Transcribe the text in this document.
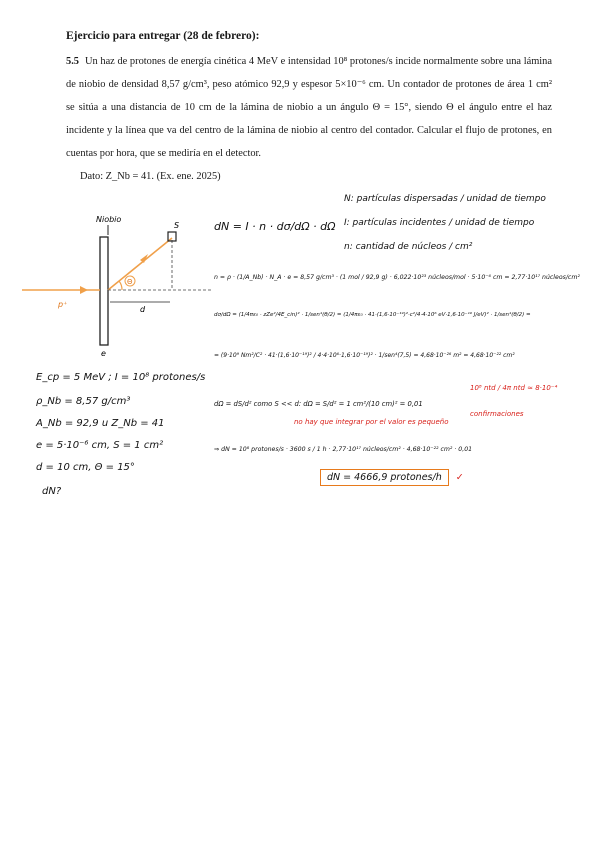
Ejercicio para entregar (28 de febrero):
5.5 Un haz de protones de energía cinética 4 MeV e intensidad 10⁸ protones/s incide normalmente sobre una lámina de niobio de densidad 8,57 g/cm³, peso atómico 92,9 y espesor 5×10⁻⁶ cm. Un contador de protones de área 1 cm² se sitúa a una distancia de 10 cm de la lámina de niobio a un ángulo Θ = 15°, siendo Θ el ángulo entre el haz incidente y la línea que va del centro de la lámina de niobio al centro del contador. Calcular el flujo de protones, en cuentas por hora, que se mediría en el detector.
Dato: Z_Nb = 41. (Ex. ene. 2025)
Niobio
p⁺
S
Θ
d
e
E_cp = 5 MeV ; I = 10⁸ protones/s
ρ_Nb = 8,57 g/cm³
A_Nb = 92,9 u Z_Nb = 41
e = 5·10⁻⁶ cm, S = 1 cm²
d = 10 cm, Θ = 15°
dN?
dN = I · n · dσ/dΩ · dΩ
N: partículas dispersadas / unidad de tiempo
I: partículas incidentes / unidad de tiempo
n: cantidad de núcleos / cm²
n = ρ · (1/A_Nb) · N_A · e = 8,57 g/cm³ · (1 mol / 92,9 g) · 6,022·10²³ núcleos/mol · 5·10⁻⁶ cm = 2,77·10¹⁷ núcleos/cm²
dσ/dΩ = (1/4πε₀ · zZe²/4E_cin)² · 1/sen⁴(θ/2) = (1/4πε₀ · 41·(1,6·10⁻¹⁹)²·c²/4·4·10⁶ eV·1,6·10⁻¹⁹ J/eV)² · 1/sen⁴(θ/2) =
= (9·10⁹ Nm²/C² · 41·(1,6·10⁻¹⁹)² / 4·4·10⁶·1,6·10⁻¹⁹)² · 1/sen⁴(7,5) = 4,68·10⁻²⁶ m² = 4,68·10⁻²² cm²
dΩ = dS/d² como S << d: dΩ = S/d² = 1 cm²/(10 cm)² = 0,01
10⁸ ntd / 4π ntd ≈ 8·10⁻⁴
no hay que integrar por el valor es pequeño
confirmaciones
⇒ dN = 10⁸ protones/s · 3600 s / 1 h · 2,77·10¹⁷ núcleos/cm² · 4,68·10⁻²² cm² · 0,01
dN = 4666,9 protones/h ✓
